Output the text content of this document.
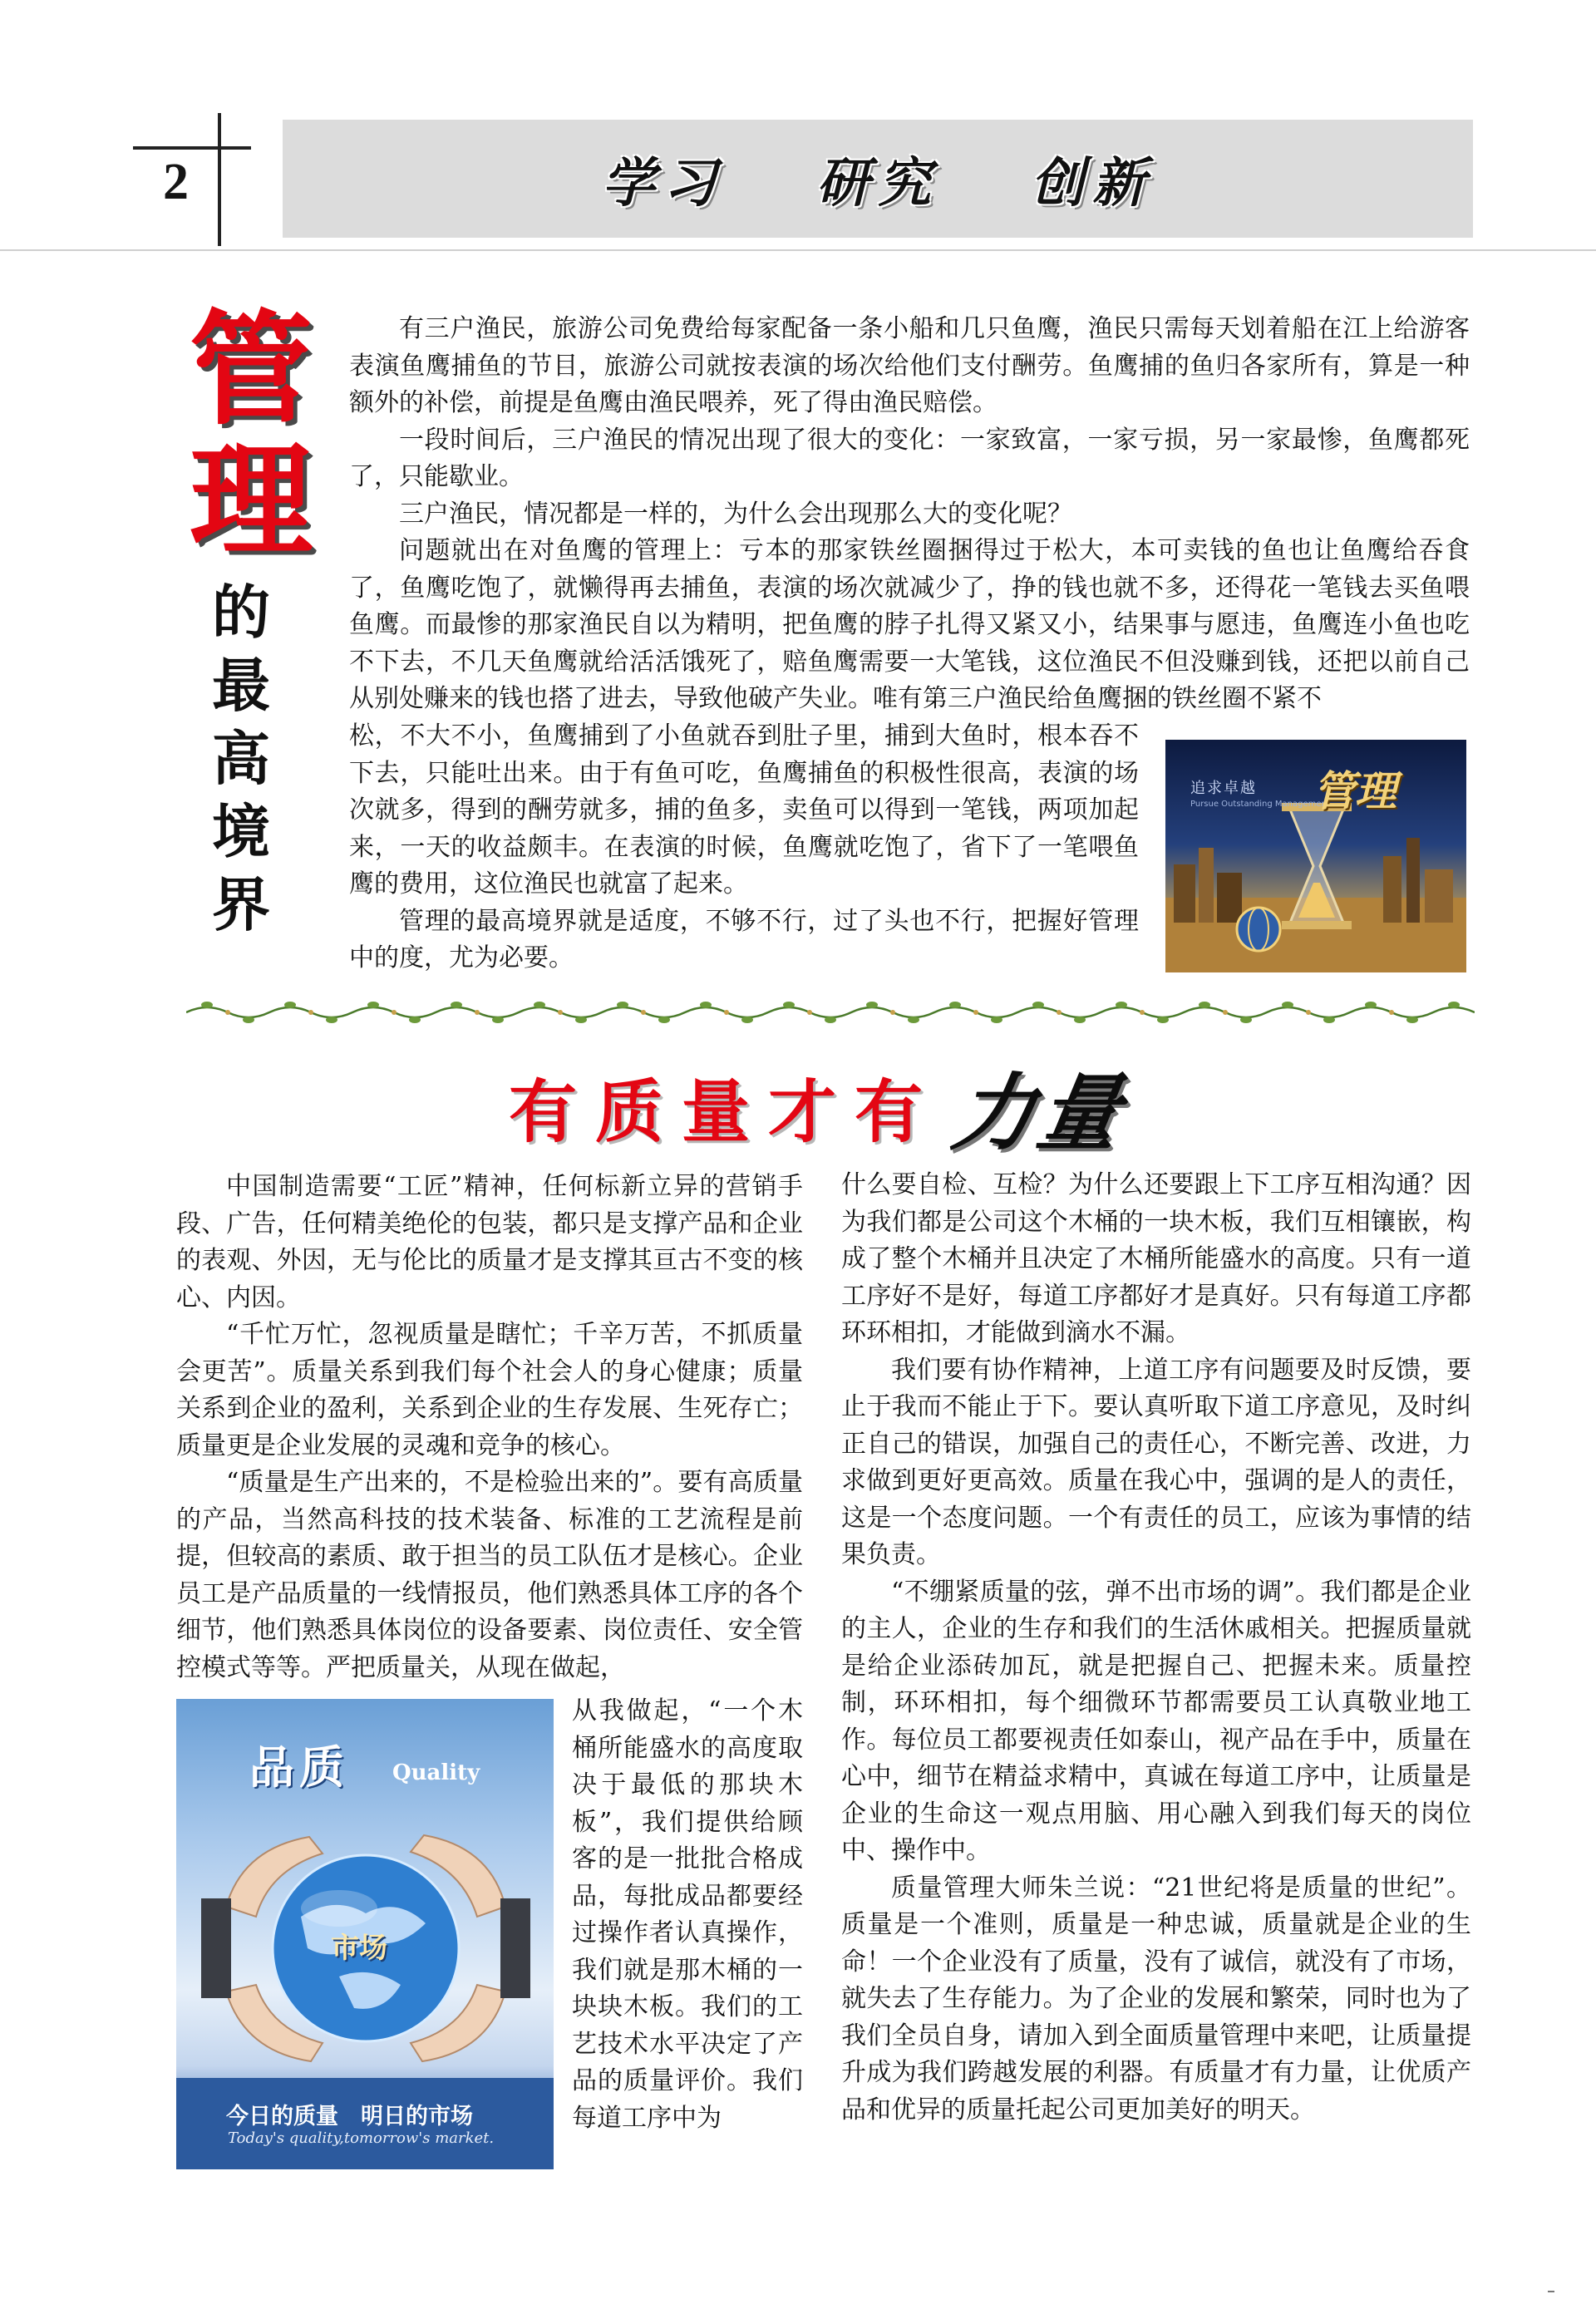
2	学习 研究 创新
管
理
的
最
高
境
界

有三户渔民，旅游公司免费给每家配备一条小船和几只鱼鹰，渔民只需每天划着船在江上给游客表演鱼鹰捕鱼的节目，旅游公司就按表演的场次给他们支付酬劳。鱼鹰捕的鱼归各家所有，算是一种额外的补偿，前提是鱼鹰由渔民喂养，死了得由渔民赔偿。

一段时间后，三户渔民的情况出现了很大的变化：一家致富，一家亏损，另一家最惨，鱼鹰都死了，只能歇业。

三户渔民，情况都是一样的，为什么会出现那么大的变化呢？

问题就出在对鱼鹰的管理上：亏本的那家铁丝圈捆得过于松大，本可卖钱的鱼也让鱼鹰给吞食了，鱼鹰吃饱了，就懒得再去捕鱼，表演的场次就减少了，挣的钱也就不多，还得花一笔钱去买鱼喂鱼鹰。而最惨的那家渔民自以为精明，把鱼鹰的脖子扎得又紧又小，结果事与愿违，鱼鹰连小鱼也吃不下去，不几天鱼鹰就给活活饿死了，赔鱼鹰需要一大笔钱，这位渔民不但没赚到钱，还把以前自己从别处赚来的钱也搭了进去，导致他破产失业。唯有第三户渔民给鱼鹰捆的铁丝圈不紧不

松，不大不小，鱼鹰捕到了小鱼就吞到肚子里，捕到大鱼时，根本吞不下去，只能吐出来。由于有鱼可吃，鱼鹰捕鱼的积极性很高，表演的场次就多，得到的酬劳就多，捕的鱼多，卖鱼可以得到一笔钱，两项加起来，一天的收益颇丰。在表演的时候，鱼鹰就吃饱了，省下了一笔喂鱼鹰的费用，这位渔民也就富了起来。

管理的最高境界就是适度，不够不行，过了头也不行，把握好管理中的度，尤为必要。

追求卓越
Pursue Outstanding Management
管理
有质量才有 力量

中国制造需要“工匠”精神，任何标新立异的营销手段、广告，任何精美绝伦的包装，都只是支撑产品和企业的表观、外因，无与伦比的质量才是支撑其亘古不变的核心、内因。

“千忙万忙，忽视质量是瞎忙；千辛万苦，不抓质量会更苦”。质量关系到我们每个社会人的身心健康；质量关系到企业的盈利，关系到企业的生存发展、生死存亡；质量更是企业发展的灵魂和竞争的核心。

“质量是生产出来的，不是检验出来的”。要有高质量的产品，当然高科技的技术装备、标准的工艺流程是前提，但较高的素质、敢于担当的员工队伍才是核心。企业员工是产品质量的一线情报员，他们熟悉具体工序的各个细节，他们熟悉具体岗位的设备要素、岗位责任、安全管控模式等等。严把质量关，从现在做起，

从我做起，“一个木桶所能盛水的高度取决于最低的那块木板”，我们提供给顾客的是一批批合格成品，每批成品都要经过操作者认真操作，我们就是那木桶的一块块木板。我们的工艺技术水平决定了产品的质量评价。我们每道工序中为

市场
品质 Quality
今日的质量　明日的市场
Today's quality,tomorrow's market.

什么要自检、互检？为什么还要跟上下工序互相沟通？因为我们都是公司这个木桶的一块木板，我们互相镶嵌，构成了整个木桶并且决定了木桶所能盛水的高度。只有一道工序好不是好，每道工序都好才是真好。只有每道工序都环环相扣，才能做到滴水不漏。

我们要有协作精神，上道工序有问题要及时反馈，要止于我而不能止于下。要认真听取下道工序意见，及时纠正自己的错误，加强自己的责任心，不断完善、改进，力求做到更好更高效。质量在我心中，强调的是人的责任，这是一个态度问题。一个有责任的员工，应该为事情的结果负责。

“不绷紧质量的弦，弹不出市场的调”。我们都是企业的主人，企业的生存和我们的生活休戚相关。把握质量就是给企业添砖加瓦，就是把握自己、把握未来。质量控制，环环相扣，每个细微环节都需要员工认真敬业地工作。每位员工都要视责任如泰山，视产品在手中，质量在心中，细节在精益求精中，真诚在每道工序中，让质量是企业的生命这一观点用脑、用心融入到我们每天的岗位中、操作中。

质量管理大师朱兰说：“21世纪将是质量的世纪”。质量是一个准则，质量是一种忠诚，质量就是企业的生命！一个企业没有了质量，没有了诚信，就没有了市场，就失去了生存能力。为了企业的发展和繁荣，同时也为了我们全员自身，请加入到全面质量管理中来吧，让质量提升成为我们跨越发展的利器。有质量才有力量，让优质产品和优异的质量托起公司更加美好的明天。
